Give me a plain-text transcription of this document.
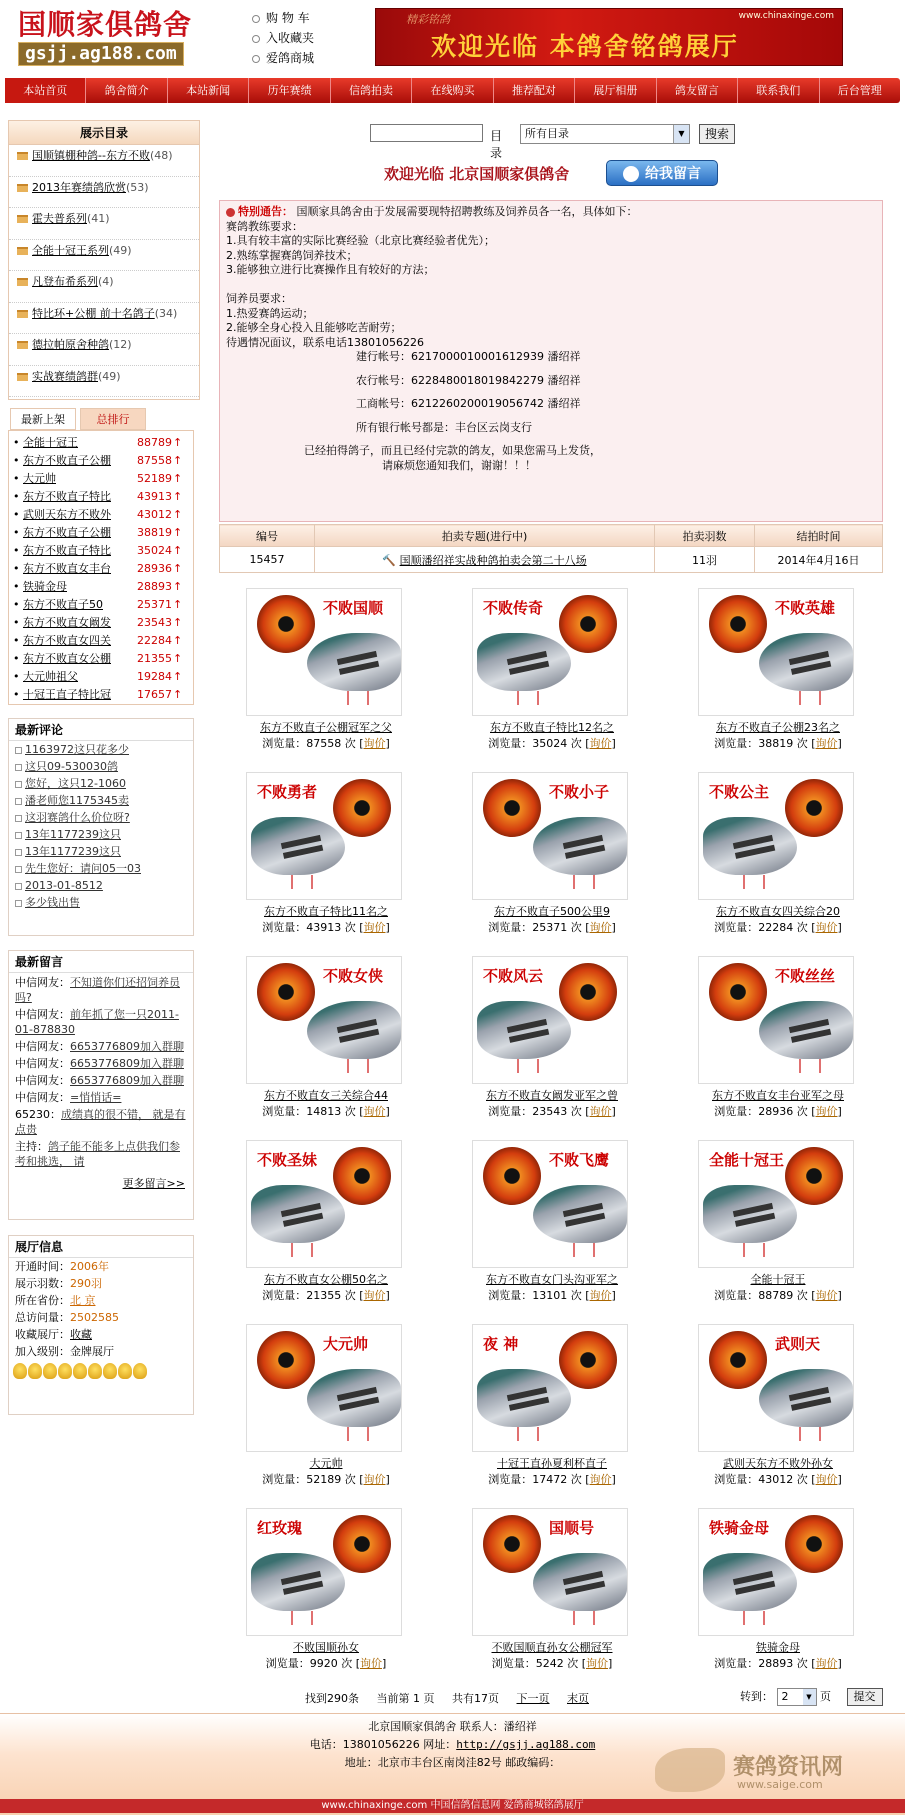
国顺家俱鸽舍
gsjj.ag188.com
购 物 车
入收藏夹
爱鸽商城
精彩铭鸽	www.chinaxinge.com
欢迎光临 本鸽舍铭鸽展厅
本站首页	鸽舍简介	本站新闻	历年赛绩	信鸽拍卖	在线购买	推荐配对	展厅相册	鸽友留言	联系我们	后台管理
展示目录
国顺镇棚种鸽--东方不败(48)
2013年赛绩鸽欣赏(53)
霍夫普系列(41)
全能十冠王系列(49)
凡登布希系列(4)
特比环+公棚 前十名鸽子(34)
德拉帕原舍种鸽(12)
实战赛绩鸽群(49)
最新上架	总排行
• 全能十冠王	88789 ↑
• 东方不败直子公棚 87558 ↑
• 大元帅	52189 ↑
• 东方不败直子特比 43913 ↑
• 武则天东方不败外 43012 ↑
• 东方不败直子公棚 38819 ↑
• 东方不败直子特比 35024 ↑
• 东方不败直女丰台 28936 ↑
• 铁骑金母	28893 ↑
• 东方不败直子50	25371 ↑
• 东方不败直女阚发 23543 ↑
• 东方不败直女四关 22284 ↑
• 东方不败直女公棚 21355 ↑
• 大元帅祖父	19284 ↑
• 十冠王直子特比冠 17657 ↑
最新评论
1163972这只花多少
这只09-530030鸽
您好，这只12-1060
潘老师您1175345卖
这羽赛鸽什么价位呀?
13年1177239这只
13年1177239这只
先生您好：请问05一03
2013-01-8512
多少钱出售
最新留言
中信网友：不知道你们还招饲养员吗?
中信网友：前年抓了您一只2011-01-878830
中信网友：6653776809加入群聊
中信网友：6653776809加入群聊
中信网友：6653776809加入群聊
中信网友：=悄悄话=
65230：成绩真的很不错， 就是有点贵
主持：鸽子能不能多上点供我们参考和挑选， 请
更多留言>>
展厅信息
开通时间：2006年
展示羽数：290羽
所在省份：北 京
总访问量：2502585
收藏展厅：收藏
加入级别：金牌展厅
目录
所有目录	▼	搜索
欢迎光临 北京国顺家俱鸽舍	给我留言
特别通告： 国顺家具鸽舍由于发展需要现特招聘教练及饲养员各一名，具体如下：
赛鸽教练要求：
1.具有较丰富的实际比赛经验（北京比赛经验者优先）；
2.熟练掌握赛鸽饲养技术；
3.能够独立进行比赛操作且有较好的方法；
饲养员要求：
1.热爱赛鸽运动；
2.能够全身心投入且能够吃苦耐劳；
待遇情况面议，联系电话13801056226
建行帐号：6217000010001612939 潘绍祥
农行帐号：6228480018019842279 潘绍祥
工商帐号：6212260200019056742 潘绍祥
所有银行帐号都是：丰台区云岗支行
已经拍得鸽子，而且已经付完款的鸽友，如果您需马上发货，
请麻烦您通知我们，谢谢！！！
编号	拍卖专题(进行中)	拍卖羽数	结拍时间
15457	🔨 国顺潘绍祥实战种鸽拍卖会第二十八场	11羽	2014年4月16日
不败国顺
东方不败直子公棚冠军之父
浏览量：87558 次 [询价]
不败传奇
东方不败直子特比12名之
浏览量：35024 次 [询价]
不败英雄
东方不败直子公棚23名之
浏览量：38819 次 [询价]
不败勇者
东方不败直子特比11名之
浏览量：43913 次 [询价]
不败小子
东方不败直子500公里9
浏览量：25371 次 [询价]
不败公主
东方不败直女四关综合20
浏览量：22284 次 [询价]
不败女侠
东方不败直女三关综合44
浏览量：14813 次 [询价]
不败风云
东方不败直女阚发亚军之曾
浏览量：23543 次 [询价]
不败丝丝
东方不败直女丰台亚军之母
浏览量：28936 次 [询价]
不败圣妹
东方不败直女公棚50名之
浏览量：21355 次 [询价]
不败飞鹰
东方不败直女门头沟亚军之
浏览量：13101 次 [询价]
全能十冠王
全能十冠王
浏览量：88789 次 [询价]
大元帅
大元帅
浏览量：52189 次 [询价]
夜 神
十冠王直孙夏利杯直子
浏览量：17472 次 [询价]
武则天
武则天东方不败外孙女
浏览量：43012 次 [询价]
红玫瑰
不败国顺孙女
浏览量：9920 次 [询价]
国顺号
不败国顺直孙女公棚冠军
浏览量：5242 次 [询价]
铁骑金母
铁骑金母
浏览量：28893 次 [询价]
找到290条 当前第 1 页 共有17页 下一页 末页	转到： 2	▼ 页 提交
北京国顺家俱鸽舍 联系人：潘绍祥
电话：13801056226 网址：http://gsjj.ag188.com
地址：北京市丰台区南岗洼82号 邮政编码：
www.chinaxinge.com 中国信鸽信息网 爱鸽商城铭鸽展厅
赛鸽资讯网
www.saige.com
